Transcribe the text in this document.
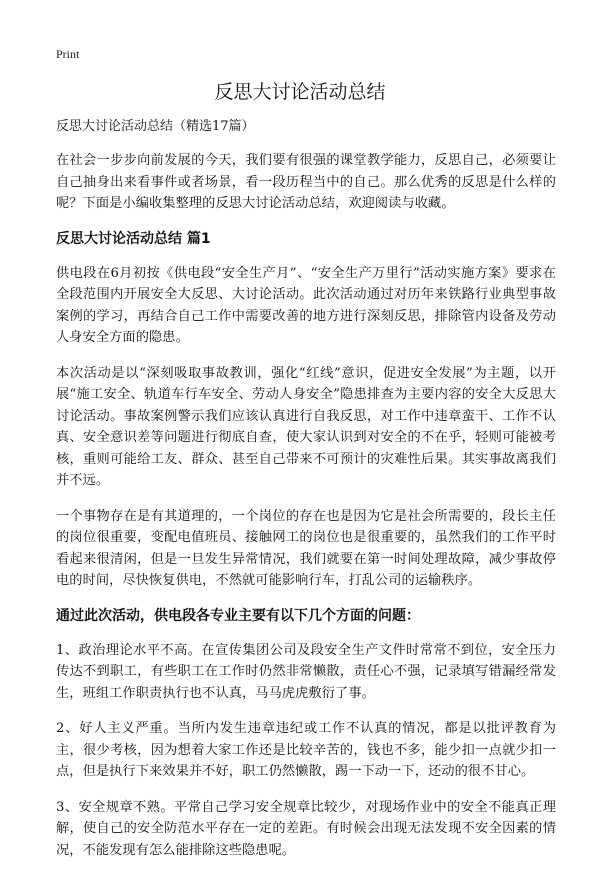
Print
反思大讨论活动总结

反思大讨论活动总结（精选17篇）

在社会一步步向前发展的今天，我们要有很强的课堂教学能力，反思自己，必须要让自己抽身出来看事件或者场景，看一段历程当中的自己。那么优秀的反思是什么样的呢？下面是小编收集整理的反思大讨论活动总结，欢迎阅读与收藏。

反思大讨论活动总结 篇1

供电段在6月初按《供电段“安全生产月”、“安全生产万里行”活动实施方案》要求在全段范围内开展安全大反思、大讨论活动。此次活动通过对历年来铁路行业典型事故案例的学习，再结合自己工作中需要改善的地方进行深刻反思，排除管内设备及劳动人身安全方面的隐患。

本次活动是以“深刻吸取事故教训，强化“红线”意识，促进安全发展”为主题，以开展“施工安全、轨道车行车安全、劳动人身安全”隐患排查为主要内容的安全大反思大讨论活动。事故案例警示我们应该认真进行自我反思，对工作中违章蛮干、工作不认真、安全意识差等问题进行彻底自查，使大家认识到对安全的不在乎，轻则可能被考核，重则可能给工友、群众、甚至自己带来不可预计的灾难性后果。其实事故离我们并不远。

一个事物存在是有其道理的，一个岗位的存在也是因为它是社会所需要的，段长主任的岗位很重要，变配电值班员、接触网工的岗位也是很重要的，虽然我们的工作平时看起来很清闲，但是一旦发生异常情况，我们就要在第一时间处理故障，减少事故停电的时间，尽快恢复供电，不然就可能影响行车，打乱公司的运输秩序。

通过此次活动，供电段各专业主要有以下几个方面的问题：

1、政治理论水平不高。在宣传集团公司及段安全生产文件时常常不到位，安全压力传达不到职工，有些职工在工作时仍然非常懒散，责任心不强，记录填写错漏经常发生，班组工作职责执行也不认真，马马虎虎敷衍了事。

2、好人主义严重。当所内发生违章违纪或工作不认真的情况，都是以批评教育为主，很少考核，因为想着大家工作还是比较辛苦的，钱也不多，能少扣一点就少扣一点，但是执行下来效果并不好，职工仍然懒散，踢一下动一下，还动的很不甘心。

3、安全规章不熟。平常自己学习安全规章比较少，对现场作业中的安全不能真正理解，使自己的安全防范水平存在一定的差距。有时候会出现无法发现不安全因素的情况，不能发现有怎么能排除这些隐患呢。
